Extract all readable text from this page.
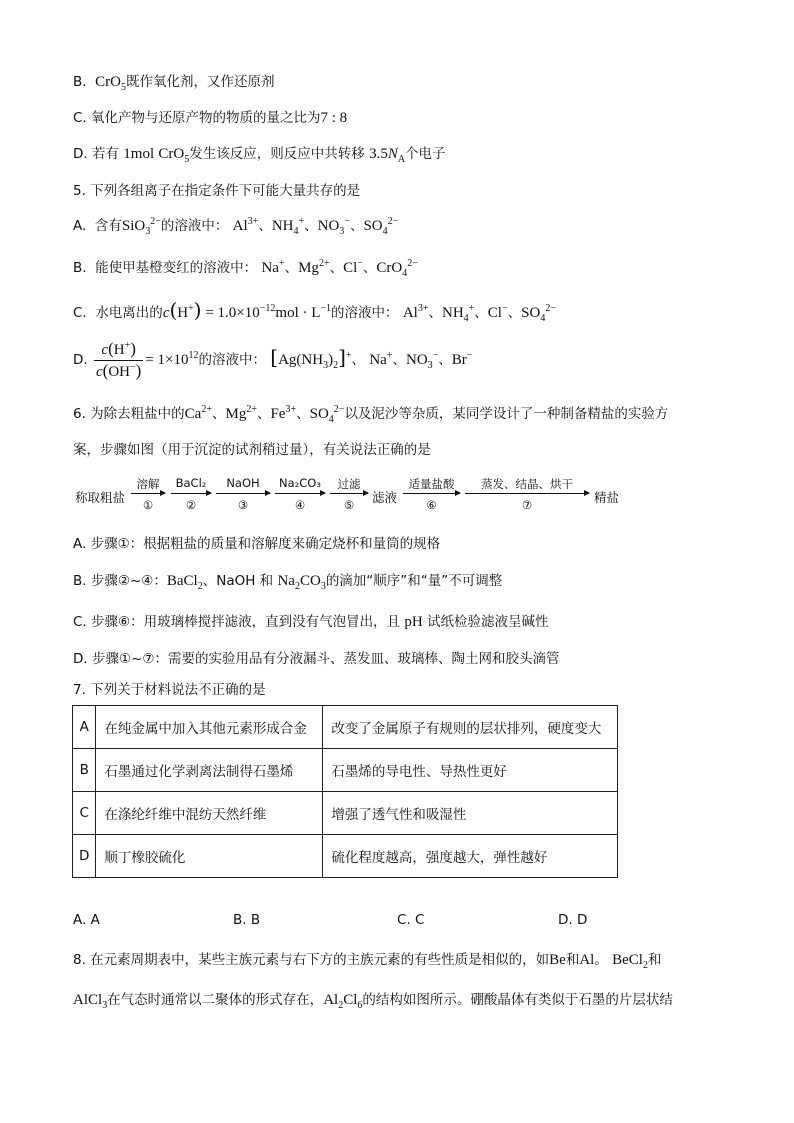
B. CrO$_5$既作氧化剂，又作还原剂
C. 氧化产物与还原产物的物质的量之比为7 : 8
D. 若有 1mol CrO$_5$发生该反应，则反应中共转移 $3.5N_A$个电子
5. 下列各组离子在指定条件下可能大量共存的是
A. 含有SiO$_3^{2-}$的溶液中： $Al^{3+}$、$NH_4^+$、$NO_3^-$、$SO_4^{2-}$
B. 能使甲基橙变红的溶液中： Na+、$Mg^{2+}$、Cl−、CrO$_4^{2-}$
C. 水电离出的$c(H^+) = 1.0\times 10^{-12}mol \cdot L^{-1}$的溶液中： $Al^{3+}$、$NH_4^+$、Cl−、$SO_4^{2-}$
D. $\frac{c(H^+)}{c(OH^-)} = 1\times 10^{12}$的溶液中： $[Ag(NH_3)_2]^+$、 Na+、$NO_3^-$、Br−
6. 为除去粗盐中的$Ca^{2+}$、$Mg^{2+}$、$Fe^{3+}$、$SO_4^{2-}$以及泥沙等杂质，某同学设计了一种制备精盐的实验方
案，步骤如图（用于沉淀的试剂稍过量），有关说法正确的是
称取粗盐
溶解
①
BaCl₂
②
NaOH
③
Na₂CO₃
④
过滤
⑤	滤液
适量盐酸
⑥
蒸发、结晶、烘干
⑦	精盐
A. 步骤①：根据粗盐的质量和溶解度来确定烧杯和量筒的规格
B. 步骤②~④：BaCl$_2$、NaOH 和 $Na_2CO_3$的滴加“顺序”和“量”不可调整
C. 步骤⑥：用玻璃棒搅拌滤液，直到没有气泡冒出，且 pH 试纸检验滤液呈碱性
D. 步骤①~⑦：需要的实验用品有分液漏斗、蒸发皿、玻璃棒、陶土网和胶头滴管
7. 下列关于材料说法不正确的是
A	在纯金属中加入其他元素形成合金	改变了金属原子有规则的层状排列，硬度变大
B	石墨通过化学剥离法制得石墨烯	石墨烯的导电性、导热性更好
C	在涤纶纤维中混纺天然纤维	增强了透气性和吸湿性
D	顺丁橡胶硫化	硫化程度越高，强度越大，弹性越好
A. A	B. B	C. C	D. D
8. 在元素周期表中，某些主族元素与右下方的主族元素的有些性质是相似的，如Be和Al。 BeCl$_2$和
AlCl$_3$在气态时通常以二聚体的形式存在，$Al_2Cl_6$的结构如图所示。硼酸晶体有类似于石墨的片层状结
